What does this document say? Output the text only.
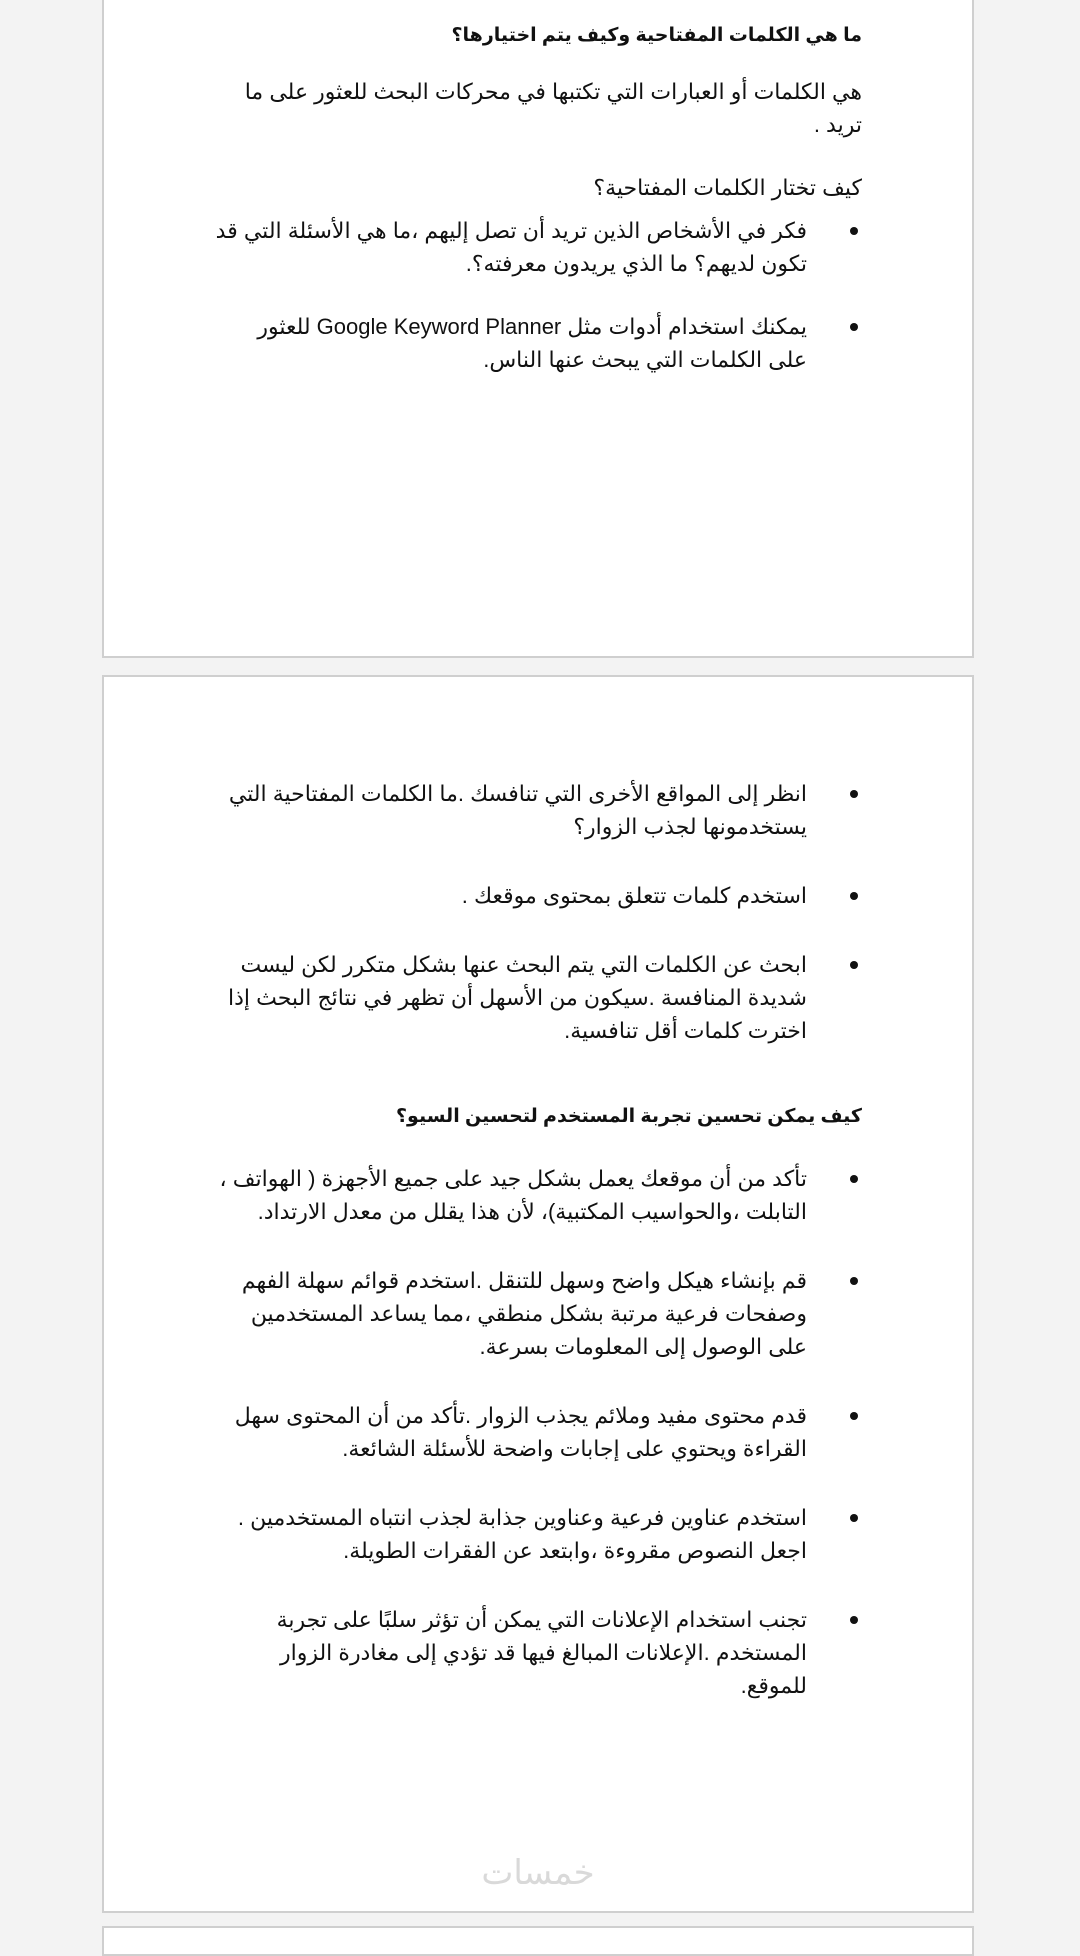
ما هي الكلمات المفتاحية وكيف يتم اختيارها؟

هي الكلمات أو العبارات التي تكتبها في محركات البحث للعثور على ما تريد .

كيف تختار الكلمات المفتاحية؟

فكر في الأشخاص الذين تريد أن تصل إليهم ،ما هي الأسئلة التي قد تكون لديهم؟ ما الذي يريدون معرفته؟.
يمكنك استخدام أدوات مثل Google Keyword Planner للعثور على الكلمات التي يبحث عنها الناس.
انظر إلى المواقع الأخرى التي تنافسك .ما الكلمات المفتاحية التي يستخدمونها لجذب الزوار؟
استخدم كلمات تتعلق بمحتوى موقعك .
ابحث عن الكلمات التي يتم البحث عنها بشكل متكرر لكن ليست شديدة المنافسة .سيكون من الأسهل أن تظهر في نتائج البحث إذا اخترت كلمات أقل تنافسية.

كيف يمكن تحسين تجربة المستخدم لتحسين السيو؟

تأكد من أن موقعك يعمل بشكل جيد على جميع الأجهزة ( الهواتف ، التابلت ،والحواسيب المكتبية)، لأن هذا يقلل من معدل الارتداد.
قم بإنشاء هيكل واضح وسهل للتنقل .استخدم قوائم سهلة الفهم وصفحات فرعية مرتبة بشكل منطقي ،مما يساعد المستخدمين على الوصول إلى المعلومات بسرعة.
قدم محتوى مفيد وملائم يجذب الزوار .تأكد من أن المحتوى سهل القراءة ويحتوي على إجابات واضحة للأسئلة الشائعة.
استخدم عناوين فرعية وعناوين جذابة لجذب انتباه المستخدمين . اجعل النصوص مقروءة ،وابتعد عن الفقرات الطويلة.
تجنب استخدام الإعلانات التي يمكن أن تؤثر سلبًا على تجربة المستخدم .الإعلانات المبالغ فيها قد تؤدي إلى مغادرة الزوار للموقع.
خمسات
